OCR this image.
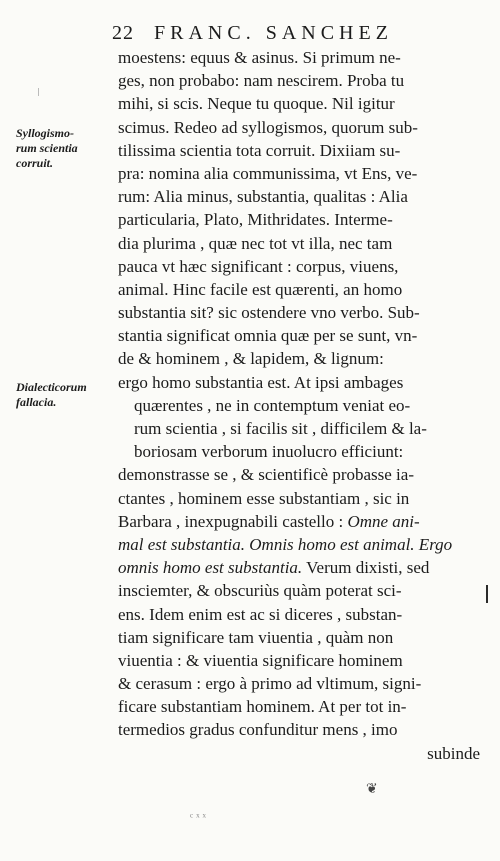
22 FRANC. SANCHEZ
Syllogismo-
rum scientia
corruit.
Dialecticorum
fallacia.
moestens: equus & asinus. Si primum ne-
ges, non probabo: nam nescirem. Proba tu
mihi, si scis. Neque tu quoque. Nil igitur
scimus. Redeo ad syllogismos, quorum sub-
tilissima scientia tota corruit. Dixiiam su-
pra: nomina alia communissima, vt Ens, ve-
rum: Alia minus, substantia, qualitas : Alia
particularia, Plato, Mithridates. Interme-
dia plurima , quæ nec tot vt illa, nec tam
pauca vt hæc significant : corpus, viuens,
animal. Hinc facile est quærenti, an homo
substantia sit? sic ostendere vno verbo. Sub-
stantia significat omnia quæ per se sunt, vn-
de & hominem , & lapidem, & lignum:
ergo homo substantia est. At ipsi ambages
quærentes , ne in contemptum veniat eo-
rum scientia , si facilis sit , difficilem & la-
boriosam verborum inuolucro efficiunt:
demonstrasse se , & scientificè probasse ia-
ctantes , hominem esse substantiam , sic in
Barbara , inexpugnabili castello : Omne ani-
mal est substantia. Omnis homo est animal. Ergo
omnis homo est substantia. Verum dixisti, sed
insciemter, & obscuriùs quàm poterat sci-
ens. Idem enim est ac si diceres , substan-
tiam significare tam viuentia , quàm non
viuentia : & viuentia significare hominem
& cerasum : ergo à primo ad vltimum, signi-
ficare substantiam hominem. At per tot in-
termedios gradus confunditur mens , imo
subinde
❦
ᶜ ˣ ˣ
